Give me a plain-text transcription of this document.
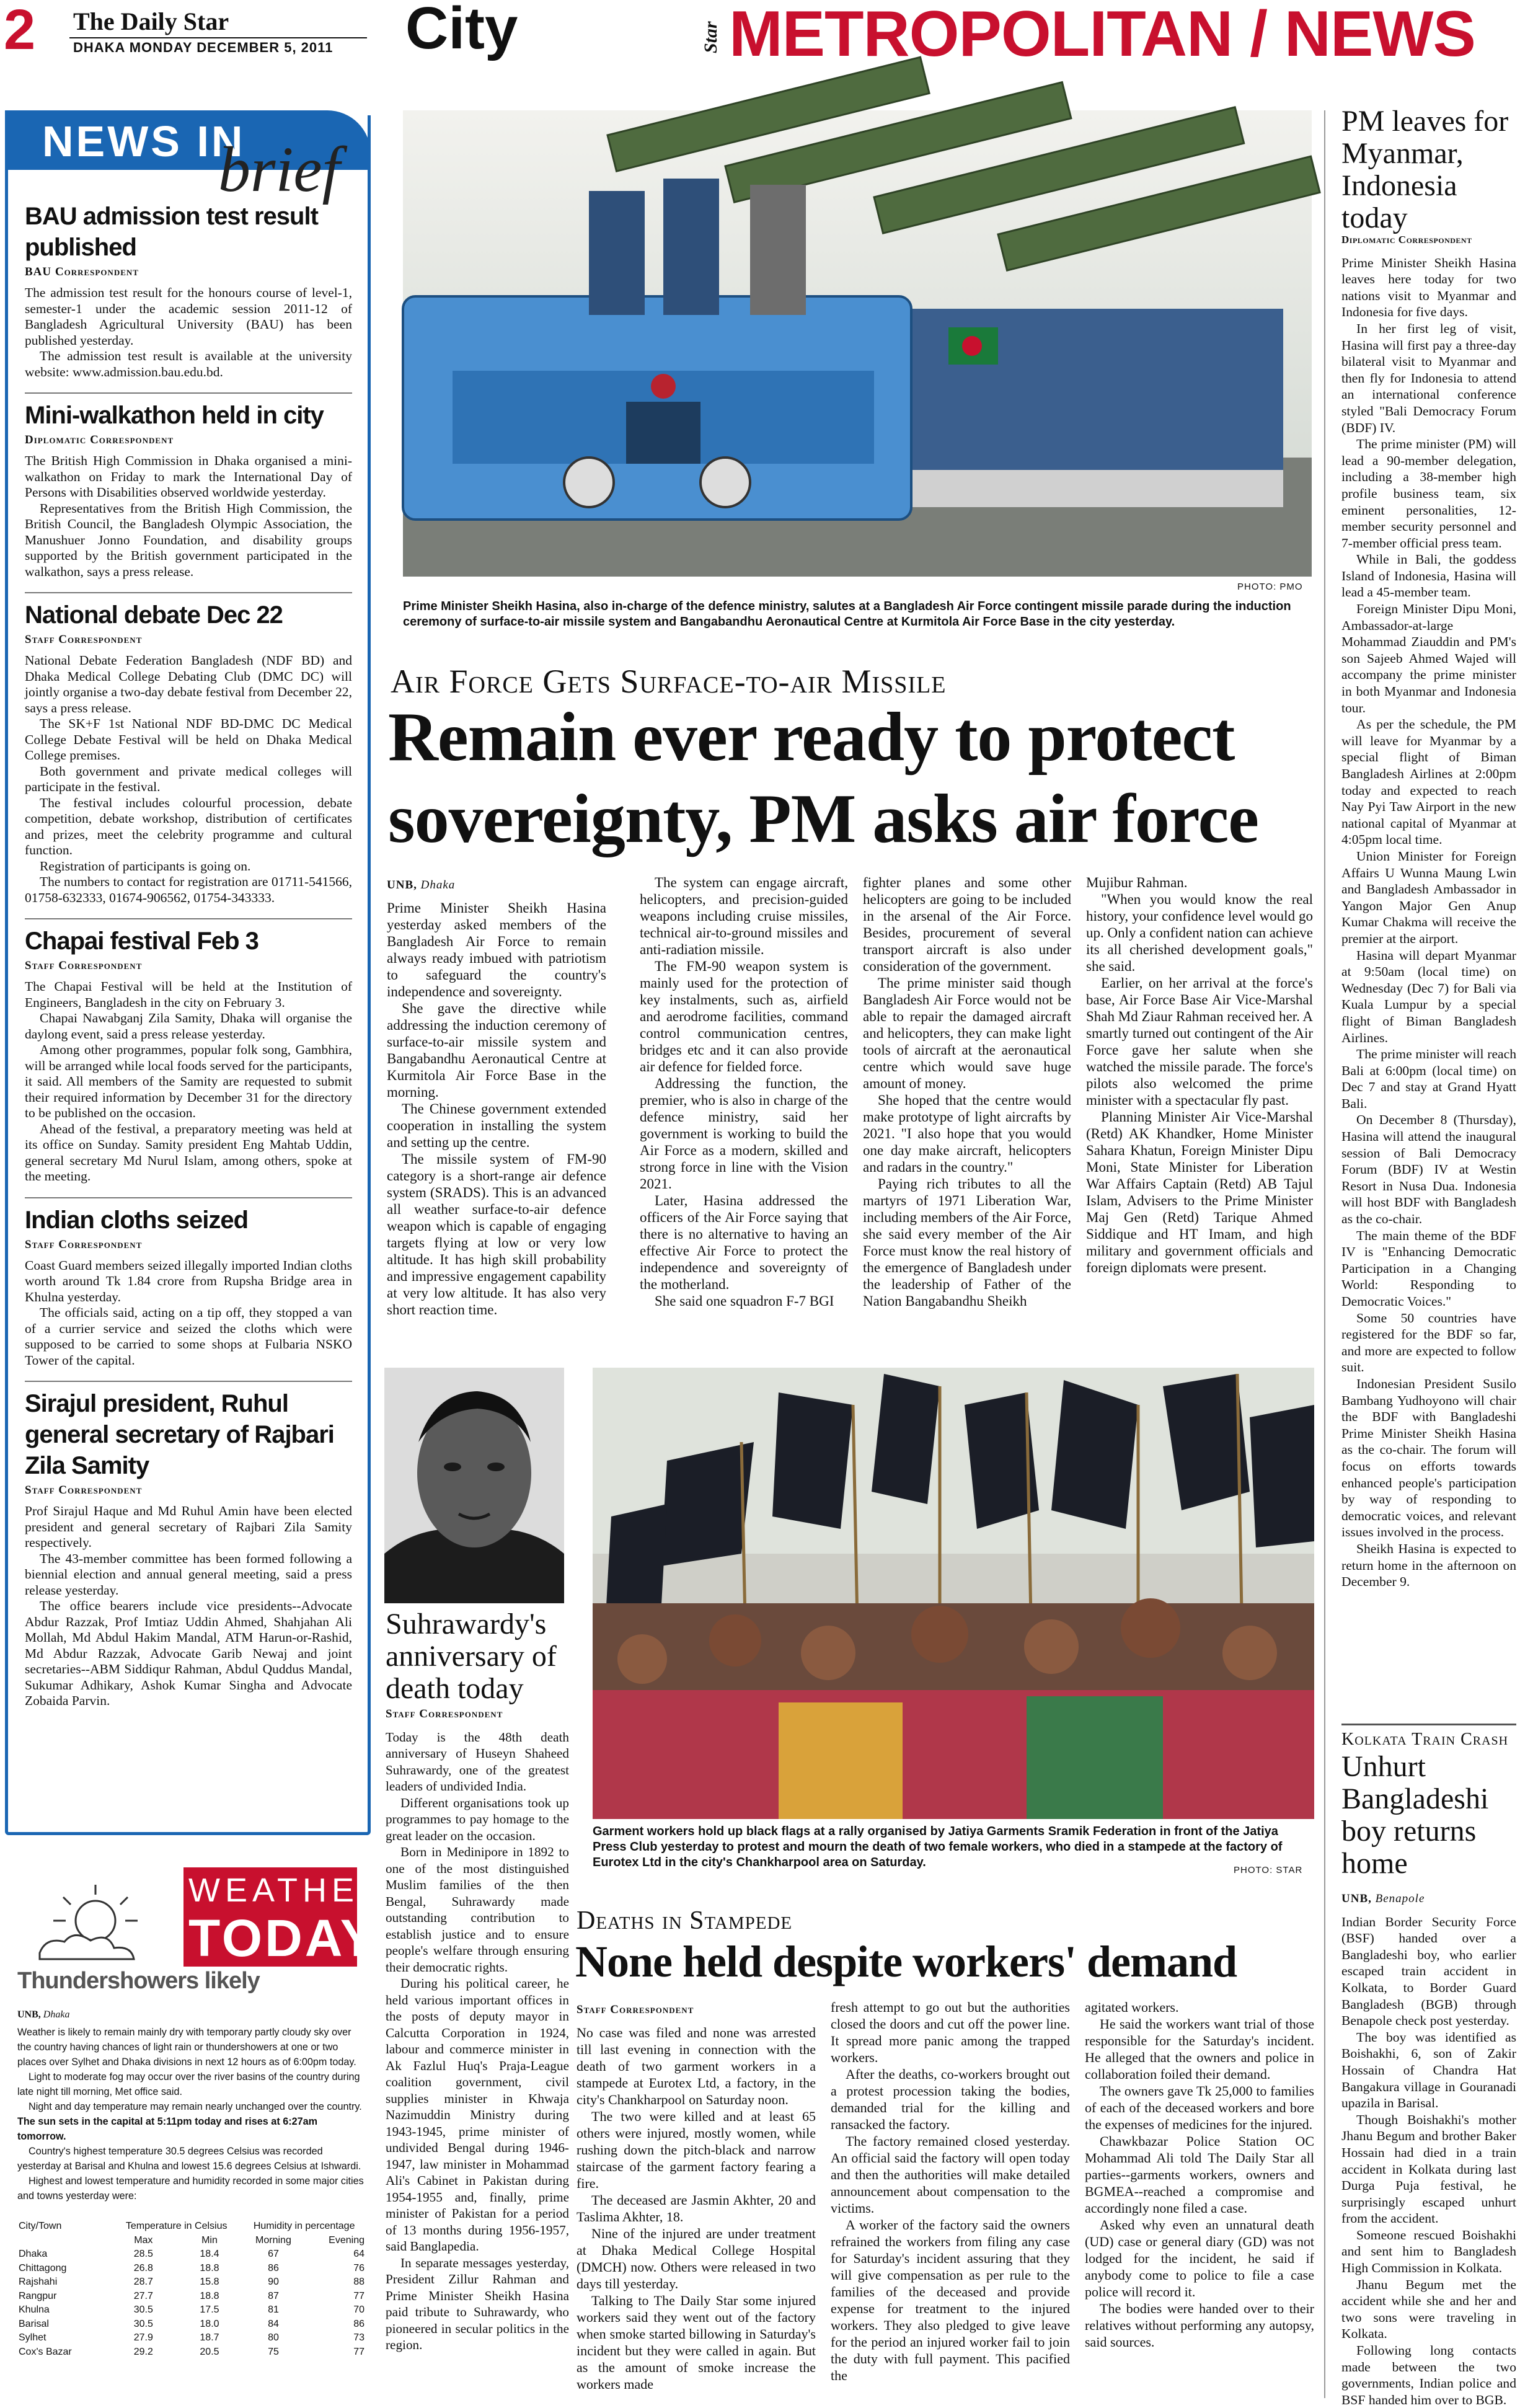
2 The Daily Star
DHAKA MONDAY DECEMBER 5, 2011 City	Star METROPOLITAN / NEWS
NEWS IN
brief
BAU admission test result published
BAU Correspondent

The admission test result for the honours course of level-1, semester-1 under the academic session 2011-12 of Bangladesh Agricultural University (BAU) has been published yesterday.

The admission test result is available at the university website: www.admission.bau.edu.bd.

Mini-walkathon held in city
Diplomatic Correspondent

The British High Commission in Dhaka organised a mini-walkathon on Friday to mark the International Day of Persons with Disabilities observed worldwide yesterday.

Representatives from the British High Commission, the British Council, the Bangladesh Olympic Association, the Manushuer Jonno Foundation, and disability groups supported by the British government participated in the walkathon, says a press release.

National debate Dec 22
Staff Correspondent

National Debate Federation Bangladesh (NDF BD) and Dhaka Medical College Debating Club (DMC DC) will jointly organise a two-day debate festival from December 22, says a press release.

The SK+F 1st National NDF BD-DMC DC Medical College Debate Festival will be held on Dhaka Medical College premises.

Both government and private medical colleges will participate in the festival.

The festival includes colourful procession, debate competition, debate workshop, distribution of certificates and prizes, meet the celebrity programme and cultural function.

Registration of participants is going on.

The numbers to contact for registration are 01711-541566, 01758-632333, 01674-906562, 01754-343333.

Chapai festival Feb 3
Staff Correspondent

The Chapai Festival will be held at the Institution of Engineers, Bangladesh in the city on February 3.

Chapai Nawabganj Zila Samity, Dhaka will organise the daylong event, said a press release yesterday.

Among other programmes, popular folk song, Gambhira, will be arranged while local foods served for the participants, it said. All members of the Samity are requested to submit their required information by December 31 for the directory to be published on the occasion.

Ahead of the festival, a preparatory meeting was held at its office on Sunday. Samity president Eng Mahtab Uddin, general secretary Md Nurul Islam, among others, spoke at the meeting.

Indian cloths seized
Staff Correspondent

Coast Guard members seized illegally imported Indian cloths worth around Tk 1.84 crore from Rupsha Bridge area in Khulna yesterday.

The officials said, acting on a tip off, they stopped a van of a currier service and seized the cloths which were supposed to be carried to some shops at Fulbaria NSKO Tower of the capital.

Sirajul president, Ruhul general secretary of Rajbari Zila Samity
Staff Correspondent

Prof Sirajul Haque and Md Ruhul Amin have been elected president and general secretary of Rajbari Zila Samity respectively.

The 43-member committee has been formed following a biennial election and annual general meeting, said a press release yesterday.

The office bearers include vice presidents--Advocate Abdur Razzak, Prof Imtiaz Uddin Ahmed, Shahjahan Ali Mollah, Md Abdul Hakim Mandal, ATM Harun-or-Rashid, Md Abdur Razzak, Advocate Garib Newaj and joint secretaries--ABM Siddiqur Rahman, Abdul Quddus Mandal, Sukumar Adhikary, Ashok Kumar Singha and Advocate Zobaida Parvin.

WEATHER
TODAY
Thundershowers likely
UNB, Dhaka

Weather is likely to remain mainly dry with temporary partly cloudy sky over the country having chances of light rain or thundershowers at one or two places over Sylhet and Dhaka divisions in next 12 hours as of 6:00pm today.

Light to moderate fog may occur over the river basins of the country during late night till morning, Met office said.

Night and day temperature may remain nearly unchanged over the country.

The sun sets in the capital at 5:11pm today and rises at 6:27am tomorrow.

Country's highest temperature 30.5 degrees Celsius was recorded yesterday at Barisal and Khulna and lowest 15.6 degrees Celsius at Ishwardi.

Highest and lowest temperature and humidity recorded in some major cities and towns yesterday were:

City/Town	Temperature in Celsius		Humidity in percentage	
	Max	Min	Morning	Evening
Dhaka	28.5	18.4	67	64
Chittagong	26.8	18.8	86	76
Rajshahi	28.7	15.8	90	88
Rangpur	27.7	18.8	87	77
Khulna	30.5	17.5	81	70
Barisal	30.5	18.0	84	86
Sylhet	27.9	18.7	80	73
Cox's Bazar	29.2	20.5	75	77
PHOTO: PMO
Prime Minister Sheikh Hasina, also in-charge of the defence ministry, salutes at a Bangladesh Air Force contingent missile parade during the induction ceremony of surface-to-air missile system and Bangabandhu Aeronautical Centre at Kurmitola Air Force Base in the city yesterday.
Air Force Gets Surface-to-air Missile
Remain ever ready to protect
sovereignty, PM asks air force
UNB, Dhaka

Prime Minister Sheikh Hasina yesterday asked members of the Bangladesh Air Force to remain always ready imbued with patriotism to safeguard the country's independence and sovereignty.

She gave the directive while addressing the induction ceremony of surface-to-air missile system and Bangabandhu Aeronautical Centre at Kurmitola Air Force Base in the morning.

The Chinese government extended cooperation in installing the system and setting up the centre.

The missile system of FM-90 category is a short-range air defence system (SRADS). This is an advanced all weather surface-to-air defence weapon which is capable of engaging targets flying at low or very low altitude. It has high skill probability and impressive engagement capability at very low altitude. It has also very short reaction time.

The system can engage aircraft, helicopters, and precision-guided weapons including cruise missiles, technical air-to-ground missiles and anti-radiation missile.

The FM-90 weapon system is mainly used for the protection of key instalments, such as, airfield and aerodrome facilities, command control communication centres, bridges etc and it can also provide air defence for fielded force.

Addressing the function, the premier, who is also in charge of the defence ministry, said her government is working to build the Air Force as a modern, skilled and strong force in line with the Vision 2021.

Later, Hasina addressed the officers of the Air Force saying that there is no alternative to having an effective Air Force to protect the independence and sovereignty of the motherland.

She said one squadron F-7 BGI

fighter planes and some other helicopters are going to be included in the arsenal of the Air Force. Besides, procurement of several transport aircraft is also under consideration of the government.

The prime minister said though Bangladesh Air Force would not be able to repair the damaged aircraft and helicopters, they can make light tools of aircraft at the aeronautical centre which would save huge amount of money.

She hoped that the centre would make prototype of light aircrafts by 2021. "I also hope that you would one day make aircraft, helicopters and radars in the country."

Paying rich tributes to all the martyrs of 1971 Liberation War, including members of the Air Force, she said every member of the Air Force must know the real history of the emergence of Bangladesh under the leadership of Father of the Nation Bangabandhu Sheikh

Mujibur Rahman.

"When you would know the real history, your confidence level would go up. Only a confident nation can achieve its all cherished development goals," she said.

Earlier, on her arrival at the force's base, Air Force Base Air Vice-Marshal Shah Md Ziaur Rahman received her. A smartly turned out contingent of the Air Force gave her salute when she watched the missile parade. The force's pilots also welcomed the prime minister with a spectacular fly past.

Planning Minister Air Vice-Marshal (Retd) AK Khandker, Home Minister Sahara Khatun, Foreign Minister Dipu Moni, State Minister for Liberation War Affairs Captain (Retd) AB Tajul Islam, Advisers to the Prime Minister Maj Gen (Retd) Tarique Ahmed Siddique and HT Imam, and high military and government officials and foreign diplomats were present.

Suhrawardy's anniversary of death today
Staff Correspondent

Today is the 48th death anniversary of Huseyn Shaheed Suhrawardy, one of the greatest leaders of undivided India.

Different organisations took up programmes to pay homage to the great leader on the occasion.

Born in Medinipore in 1892 to one of the most distinguished Muslim families of the then Bengal, Suhrawardy made outstanding contribution to establish justice and to ensure people's welfare through ensuring their democratic rights.

During his political career, he held various important offices in the posts of deputy mayor in Calcutta Corporation in 1924, labour and commerce minister in Ak Fazlul Huq's Praja-League coalition government, civil supplies minister in Khwaja Nazimuddin Ministry during 1943-1945, prime minister of undivided Bengal during 1946-1947, law minister in Mohammad Ali's Cabinet in Pakistan during 1954-1955 and, finally, prime minister of Pakistan for a period of 13 months during 1956-1957, said Banglapedia.

In separate messages yesterday, President Zillur Rahman and Prime Minister Sheikh Hasina paid tribute to Suhrawardy, who pioneered in secular politics in the region.

Garment workers hold up black flags at a rally organised by Jatiya Garments Sramik Federation in front of the Jatiya Press Club yesterday to protest and mourn the death of two female workers, who died in a stampede at the factory of Eurotex Ltd in the city's Chankharpool area on Saturday.
PHOTO: STAR
Deaths in Stampede
None held despite workers' demand
Staff Correspondent

No case was filed and none was arrested till last evening in connection with the death of two garment workers in a stampede at Eurotex Ltd, a factory, in the city's Chankharpool on Saturday noon.

The two were killed and at least 65 others were injured, mostly women, while rushing down the pitch-black and narrow staircase of the garment factory fearing a fire.

The deceased are Jasmin Akhter, 20 and Taslima Akhter, 18.

Nine of the injured are under treatment at Dhaka Medical College Hospital (DMCH) now. Others were released in two days till yesterday.

Talking to The Daily Star some injured workers said they went out of the factory when smoke started billowing in Saturday's incident but they were called in again. But as the amount of smoke increase the workers made

fresh attempt to go out but the authorities closed the doors and cut off the power line. It spread more panic among the trapped workers.

After the deaths, co-workers brought out a protest procession taking the bodies, demanded trial for the killing and ransacked the factory.

The factory remained closed yesterday. An official said the factory will open today and then the authorities will make detailed announcement about compensation to the victims.

A worker of the factory said the owners refrained the workers from filing any case for Saturday's incident assuring that they will give compensation as per rule to the families of the deceased and provide expense for treatment to the injured workers. They also pledged to give leave for the period an injured worker fail to join the duty with full payment. This pacified the

agitated workers.

He said the workers want trial of those responsible for the Saturday's incident. He alleged that the owners and police in collaboration foiled their demand.

The owners gave Tk 25,000 to families of each of the deceased workers and bore the expenses of medicines for the injured.

Chawkbazar Police Station OC Mohammad Ali told The Daily Star all parties--garments workers, owners and BGMEA--reached a compromise and accordingly none filed a case.

Asked why even an unnatural death (UD) case or general diary (GD) was not lodged for the incident, he said if anybody come to police to file a case police will record it.

The bodies were handed over to their relatives without performing any autopsy, said sources.

PM leaves for Myanmar, Indonesia today
Diplomatic Correspondent

Prime Minister Sheikh Hasina leaves here today for two nations visit to Myanmar and Indonesia for five days.

In her first leg of visit, Hasina will first pay a three-day bilateral visit to Myanmar and then fly for Indonesia to attend an international conference styled "Bali Democracy Forum (BDF) IV.

The prime minister (PM) will lead a 90-member delegation, including a 38-member high profile business team, six eminent personalities, 12-member security personnel and 7-member official press team.

While in Bali, the goddess Island of Indonesia, Hasina will lead a 45-member team.

Foreign Minister Dipu Moni, Ambassador-at-large Mohammad Ziauddin and PM's son Sajeeb Ahmed Wajed will accompany the prime minister in both Myanmar and Indonesia tour.

As per the schedule, the PM will leave for Myanmar by a special flight of Biman Bangladesh Airlines at 2:00pm today and expected to reach Nay Pyi Taw Airport in the new national capital of Myanmar at 4:05pm local time.

Union Minister for Foreign Affairs U Wunna Maung Lwin and Bangladesh Ambassador in Yangon Major Gen Anup Kumar Chakma will receive the premier at the airport.

Hasina will depart Myanmar at 9:50am (local time) on Wednesday (Dec 7) for Bali via Kuala Lumpur by a special flight of Biman Bangladesh Airlines.

The prime minister will reach Bali at 6:00pm (local time) on Dec 7 and stay at Grand Hyatt Bali.

On December 8 (Thursday), Hasina will attend the inaugural session of Bali Democracy Forum (BDF) IV at Westin Resort in Nusa Dua. Indonesia will host BDF with Bangladesh as the co-chair.

The main theme of the BDF IV is "Enhancing Democratic Participation in a Changing World: Responding to Democratic Voices."

Some 50 countries have registered for the BDF so far, and more are expected to follow suit.

Indonesian President Susilo Bambang Yudhoyono will chair the BDF with Bangladeshi Prime Minister Sheikh Hasina as the co-chair. The forum will focus on efforts towards enhanced people's participation by way of responding to democratic voices, and relevant issues involved in the process.

Sheikh Hasina is expected to return home in the afternoon on December 9.

Kolkata Train Crash
Unhurt Bangladeshi boy returns home
UNB, Benapole

Indian Border Security Force (BSF) handed over a Bangladeshi boy, who earlier escaped train accident in Kolkata, to Border Guard Bangladesh (BGB) through Benapole check post yesterday.

The boy was identified as Boishakhi, 6, son of Zakir Hossain of Chandra Hat Bangakura village in Gouranadi upazila in Barisal.

Though Boishakhi's mother Jhanu Begum and brother Baker Hossain had died in a train accident in Kolkata during last Durga Puja festival, he surprisingly escaped unhurt from the accident.

Someone rescued Boishakhi and sent him to Bangladesh High Commission in Kolkata.

Jhanu Begum met the accident while she and her and two sons were traveling in Kolkata.

Following long contacts made between the two governments, Indian police and BSF handed him over to BGB.
